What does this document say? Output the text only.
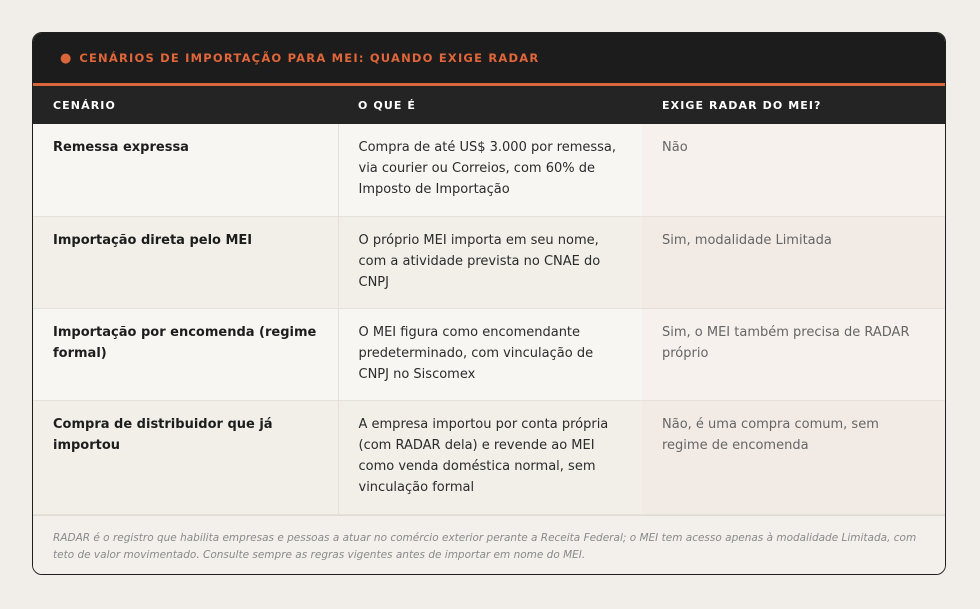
● CENÁRIOS DE IMPORTAÇÃO PARA MEI: QUANDO EXIGE RADAR
CENÁRIO	O QUE É	EXIGE RADAR DO MEI?
Remessa expressa	Compra de até US$ 3.000 por remessa, via courier ou Correios, com 60% de Imposto de Importação	Não
Importação direta pelo MEI	O próprio MEI importa em seu nome, com a atividade prevista no CNAE do CNPJ	Sim, modalidade Limitada
Importação por encomenda (regime formal)	O MEI figura como encomendante predeterminado, com vinculação de CNPJ no Siscomex	Sim, o MEI também precisa de RADAR próprio
Compra de distribuidor que já importou	A empresa importou por conta própria (com RADAR dela) e revende ao MEI como venda doméstica normal, sem vinculação formal	Não, é uma compra comum, sem regime de encomenda
RADAR é o registro que habilita empresas e pessoas a atuar no comércio exterior perante a Receita Federal; o MEI tem acesso apenas à modalidade Limitada, com teto de valor movimentado. Consulte sempre as regras vigentes antes de importar em nome do MEI.
